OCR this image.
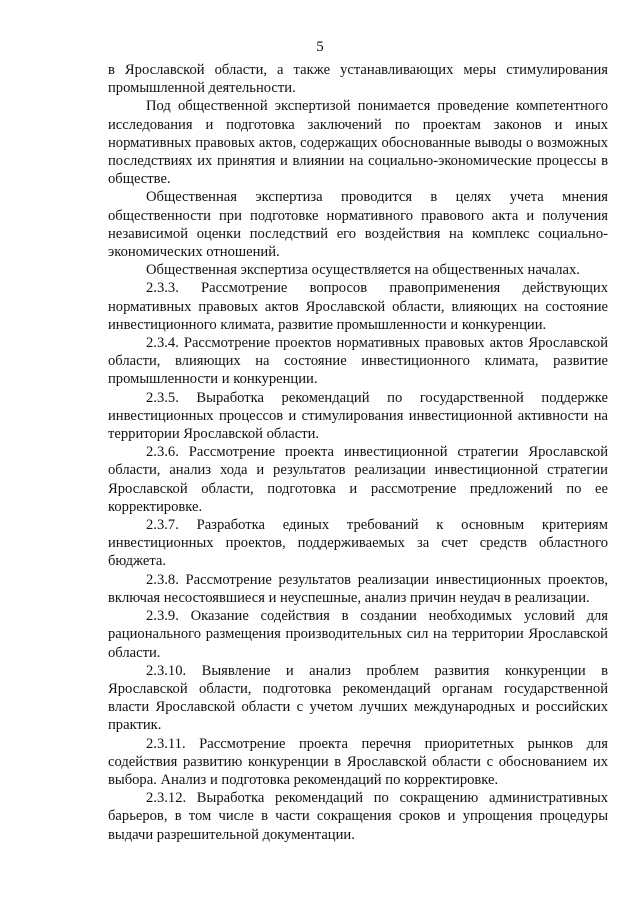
5

в Ярославской области, а также устанавливающих меры стимулирования промышленной деятельности.

Под общественной экспертизой понимается проведение компетентного исследования и подготовка заключений по проектам законов и иных нормативных правовых актов, содержащих обоснованные выводы о возможных последствиях их принятия и влиянии на социально-экономические процессы в обществе.

Общественная экспертиза проводится в целях учета мнения общественности при подготовке нормативного правового акта и получения независимой оценки последствий его воздействия на комплекс социально-экономических отношений.

Общественная экспертиза осуществляется на общественных началах.

2.3.3. Рассмотрение вопросов правоприменения действующих нормативных правовых актов Ярославской области, влияющих на состояние инвестиционного климата, развитие промышленности и конкуренции.

2.3.4. Рассмотрение проектов нормативных правовых актов Ярославской области, влияющих на состояние инвестиционного климата, развитие промышленности и конкуренции.

2.3.5. Выработка рекомендаций по государственной поддержке инвестиционных процессов и стимулирования инвестиционной активности на территории Ярославской области.

2.3.6. Рассмотрение проекта инвестиционной стратегии Ярославской области, анализ хода и результатов реализации инвестиционной стратегии Ярославской области, подготовка и рассмотрение предложений по ее корректировке.

2.3.7. Разработка единых требований к основным критериям инвестиционных проектов, поддерживаемых за счет средств областного бюджета.

2.3.8. Рассмотрение результатов реализации инвестиционных проектов, включая несостоявшиеся и неуспешные, анализ причин неудач в реализации.

2.3.9. Оказание содействия в создании необходимых условий для рационального размещения производительных сил на территории Ярославской области.

2.3.10. Выявление и анализ проблем развития конкуренции в Ярославской области, подготовка рекомендаций органам государственной власти Ярославской области с учетом лучших международных и российских практик.

2.3.11. Рассмотрение проекта перечня приоритетных рынков для содействия развитию конкуренции в Ярославской области с обоснованием их выбора. Анализ и подготовка рекомендаций по корректировке.

2.3.12. Выработка рекомендаций по сокращению административных барьеров, в том числе в части сокращения сроков и упрощения процедуры выдачи разрешительной документации.
